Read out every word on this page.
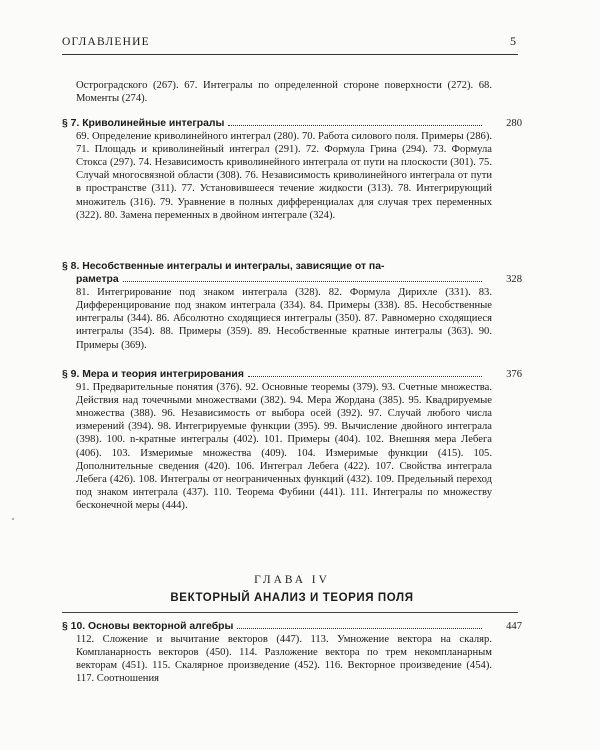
ОГЛАВЛЕНИЕ	5

Остроградского (267). 67. Интегралы по определенной стороне поверхности (272). 68. Моменты (274).

§ 7. Криволинейные интегралы	280

69. Определение криволинейного интеграл (280). 70. Работа силового поля. Примеры (286). 71. Площадь и криволинейный интеграл (291). 72. Формула Грина (294). 73. Формула Стокса (297). 74. Независимость криволинейного интеграла от пути на плоскости (301). 75. Случай многосвязной области (308). 76. Независимость криволинейного интеграла от пути в пространстве (311). 77. Установившееся течение жидкости (313). 78. Интегрирующий множитель (316). 79. Уравнение в полных дифференциалах для случая трех переменных (322). 80. Замена переменных в двойном интеграле (324).

§ 8. Несобственные интегралы и интегралы, зависящие от па-
раметра	328

81. Интегрирование под знаком интеграла (328). 82. Формула Дирихле (331). 83. Дифференцирование под знаком интеграла (334). 84. Примеры (338). 85. Несобственные интегралы (344). 86. Абсолютно сходящиеся интегралы (350). 87. Равномерно сходящиеся интегралы (354). 88. Примеры (359). 89. Несобственные кратные интегралы (363). 90. Примеры (369).

§ 9. Мера и теория интегрирования	376

91. Предварительные понятия (376). 92. Основные теоремы (379). 93. Счетные множества. Действия над точечными множествами (382). 94. Мера Жордана (385). 95. Квадрируемые множества (388). 96. Независимость от выбора осей (392). 97. Случай любого числа измерений (394). 98. Интегрируемые функции (395). 99. Вычисление двойного интеграла (398). 100. n-кратные интегралы (402). 101. Примеры (404). 102. Внешняя мера Лебега (406). 103. Измеримые множества (409). 104. Измеримые функции (415). 105. Дополнительные сведения (420). 106. Интеграл Лебега (422). 107. Свойства интеграла Лебега (426). 108. Интегралы от неограниченных функций (432). 109. Предельный переход под знаком интеграла (437). 110. Теорема Фубини (441). 111. Интегралы по множеству бесконечной меры (444).

ГЛАВА IV
ВЕКТОРНЫЙ АНАЛИЗ И ТЕОРИЯ ПОЛЯ
§ 10. Основы векторной алгебры	447

112. Сложение и вычитание векторов (447). 113. Умножение вектора на скаляр. Компланарность векторов (450). 114. Разложение вектора по трем некомпланарным векторам (451). 115. Скалярное произведение (452). 116. Векторное произведение (454). 117. Соотношения
